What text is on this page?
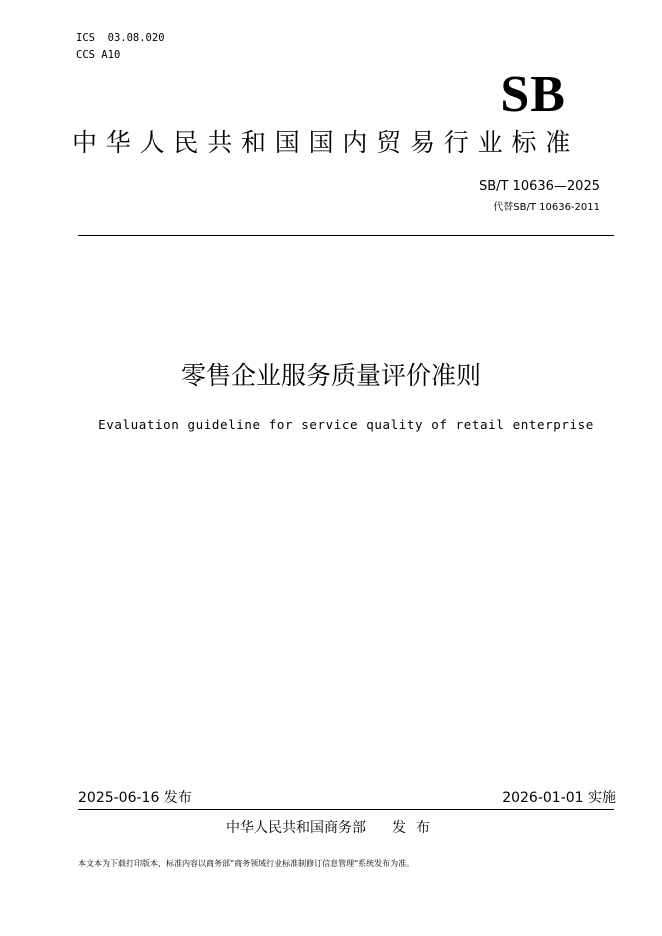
ICS 03.08.020
CCS A10
SB
中华人民共和国国内贸易行业标准
SB/T 10636—2025
代替SB/T 10636-2011
零售企业服务质量评价准则
Evaluation guideline for service quality of retail enterprise
2025-06-16 发布	2026-01-01 实施
中华人民共和国商务部 发布
本文本为下载打印版本，标准内容以商务部“商务领域行业标准制修订信息管理”系统发布为准。
